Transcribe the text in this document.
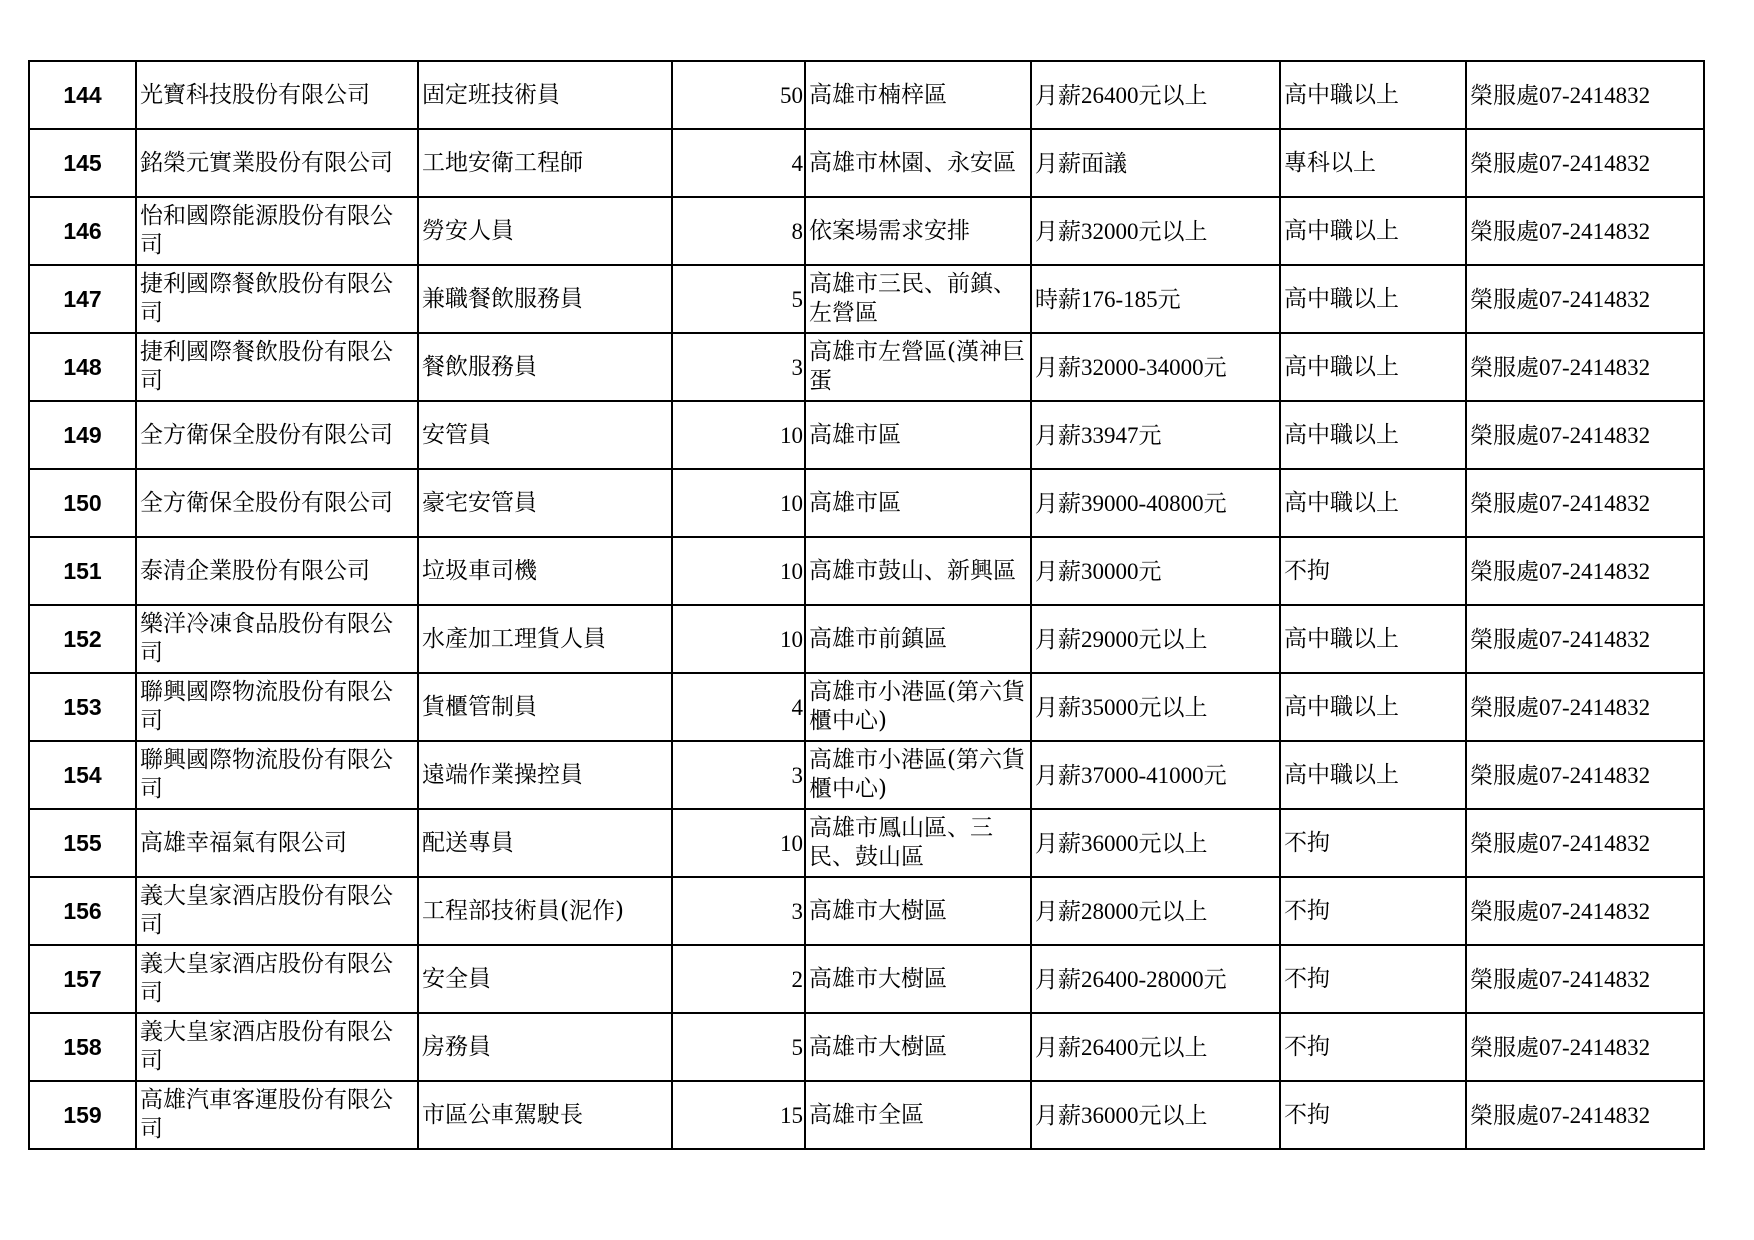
144	光寶科技股份有限公司	固定班技術員	50	高雄市楠梓區	月薪26400元以上	高中職以上	榮服處07-2414832
145	銘榮元實業股份有限公司	工地安衛工程師	4	高雄市林園、永安區	月薪面議	專科以上	榮服處07-2414832
146	怡和國際能源股份有限公司	勞安人員	8	依案場需求安排	月薪32000元以上	高中職以上	榮服處07-2414832
147	捷利國際餐飲股份有限公司	兼職餐飲服務員	5	高雄市三民、前鎮、左營區	時薪176-185元	高中職以上	榮服處07-2414832
148	捷利國際餐飲股份有限公司	餐飲服務員	3	高雄市左營區(漢神巨蛋	月薪32000-34000元	高中職以上	榮服處07-2414832
149	全方衛保全股份有限公司	安管員	10	高雄市區	月薪33947元	高中職以上	榮服處07-2414832
150	全方衛保全股份有限公司	豪宅安管員	10	高雄市區	月薪39000-40800元	高中職以上	榮服處07-2414832
151	泰清企業股份有限公司	垃圾車司機	10	高雄市鼓山、新興區	月薪30000元	不拘	榮服處07-2414832
152	樂洋冷凍食品股份有限公司	水產加工理貨人員	10	高雄市前鎮區	月薪29000元以上	高中職以上	榮服處07-2414832
153	聯興國際物流股份有限公司	貨櫃管制員	4	高雄市小港區(第六貨櫃中心)	月薪35000元以上	高中職以上	榮服處07-2414832
154	聯興國際物流股份有限公司	遠端作業操控員	3	高雄市小港區(第六貨櫃中心)	月薪37000-41000元	高中職以上	榮服處07-2414832
155	高雄幸福氣有限公司	配送專員	10	高雄市鳳山區、三民、鼓山區	月薪36000元以上	不拘	榮服處07-2414832
156	義大皇家酒店股份有限公司	工程部技術員(泥作)	3	高雄市大樹區	月薪28000元以上	不拘	榮服處07-2414832
157	義大皇家酒店股份有限公司	安全員	2	高雄市大樹區	月薪26400-28000元	不拘	榮服處07-2414832
158	義大皇家酒店股份有限公司	房務員	5	高雄市大樹區	月薪26400元以上	不拘	榮服處07-2414832
159	高雄汽車客運股份有限公司	市區公車駕駛長	15	高雄市全區	月薪36000元以上	不拘	榮服處07-2414832
